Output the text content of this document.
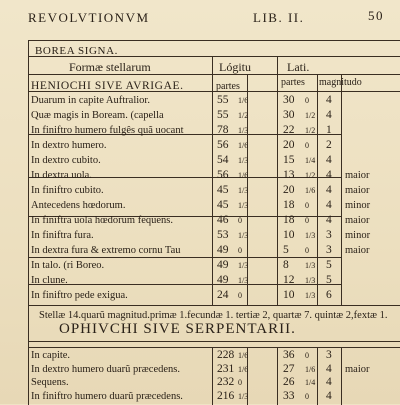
REVOLVTIONVM	LIB. II.	50
BOREA SIGNA.
Formæ stellarum	Lógitu	Lati.
HENIOCHI SIVE AVRIGAE.	partes	partes magnitudo
Duarum in capite Auftralior.	55 1/6	30 0 4
Quæ magis in Boream. (capella	55 1/2	30 1/2 4
In finiftro humero fulgês quã uocant	78 1/3	22 1/2 1
In dextro humero.	56 1/6	20 0 2
In dextro cubito.	54 1/3	15 1/4 4
In dextra uola.	56 1/6	13 1/2 4 maior
In finiftro cubito.	45 1/3	20 1/6 4 maior
Antecedens hœdorum.	45 1/3	18 0 4 minor
In finiftra uola hœdorum fequens.	46 0	18 0 4 maior
In finiftra fura.	53 1/3	10 1/3 3 minor
In dextra fura & extremo cornu Tau	49 0	5 0 3 maior
In talo. (ri Boreo.	49 1/3	8 1/3 5
In clune.	49 1/3	12 1/3 5
In finiftro pede exigua.	24 0	10 1/3 6
Stellæ 14.quarũ magnitud.primæ 1.fecundæ 1. tertiæ 2, quartæ 7. quintæ 2,fextæ 1.
OPHIVCHI SIVE SERPENTARII.
In capite.	228 1/6	36 0 3
In dextro humero duarũ præcedens.	231 1/6	27 1/6 4 maior
Sequens.	232 0	26 1/4 4
In finiftro humero duarũ præcedens.	216 1/3	33 0 4
